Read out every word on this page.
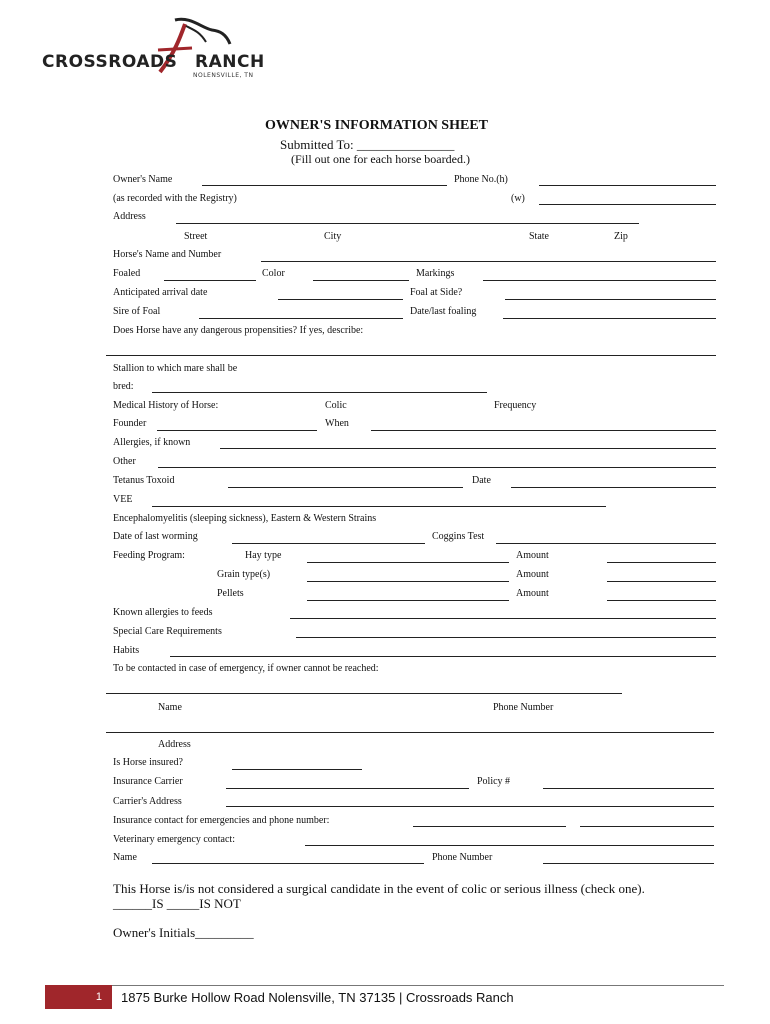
CROSSROADS RANCH
NOLENSVILLE, TN
OWNER'S INFORMATION SHEET
Submitted To: _______________
(Fill out one for each horse boarded.)
Owner's Name	Phone No.(h)
(as recorded with the Registry)	(w)
Address
Street	City	State	Zip
Horse's Name and Number
Foaled	Color	Markings
Anticipated arrival date	Foal at Side?
Sire of Foal	Date/last foaling
Does Horse have any dangerous propensities? If yes, describe:
Stallion to which mare shall be
bred:
Medical History of Horse:	Colic	Frequency
Founder	When
Allergies, if known
Other
Tetanus Toxoid	Date
VEE
Encephalomyelitis (sleeping sickness), Eastern & Western Strains
Date of last worming	Coggins Test
Feeding Program:	Hay type	Amount
Grain type(s)	Amount
Pellets	Amount
Known allergies to feeds
Special Care Requirements
Habits
To be contacted in case of emergency, if owner cannot be reached:
Name	Phone Number
Address
Is Horse insured?
Insurance Carrier	Policy #
Carrier's Address
Insurance contact for emergencies and phone number:
Veterinary emergency contact:
Name	Phone Number
This Horse is/is not considered a surgical candidate in the event of colic or serious illness (check one).
______IS _____IS NOT
Owner's Initials_________
1	1875 Burke Hollow Road Nolensville, TN 37135 | Crossroads Ranch
